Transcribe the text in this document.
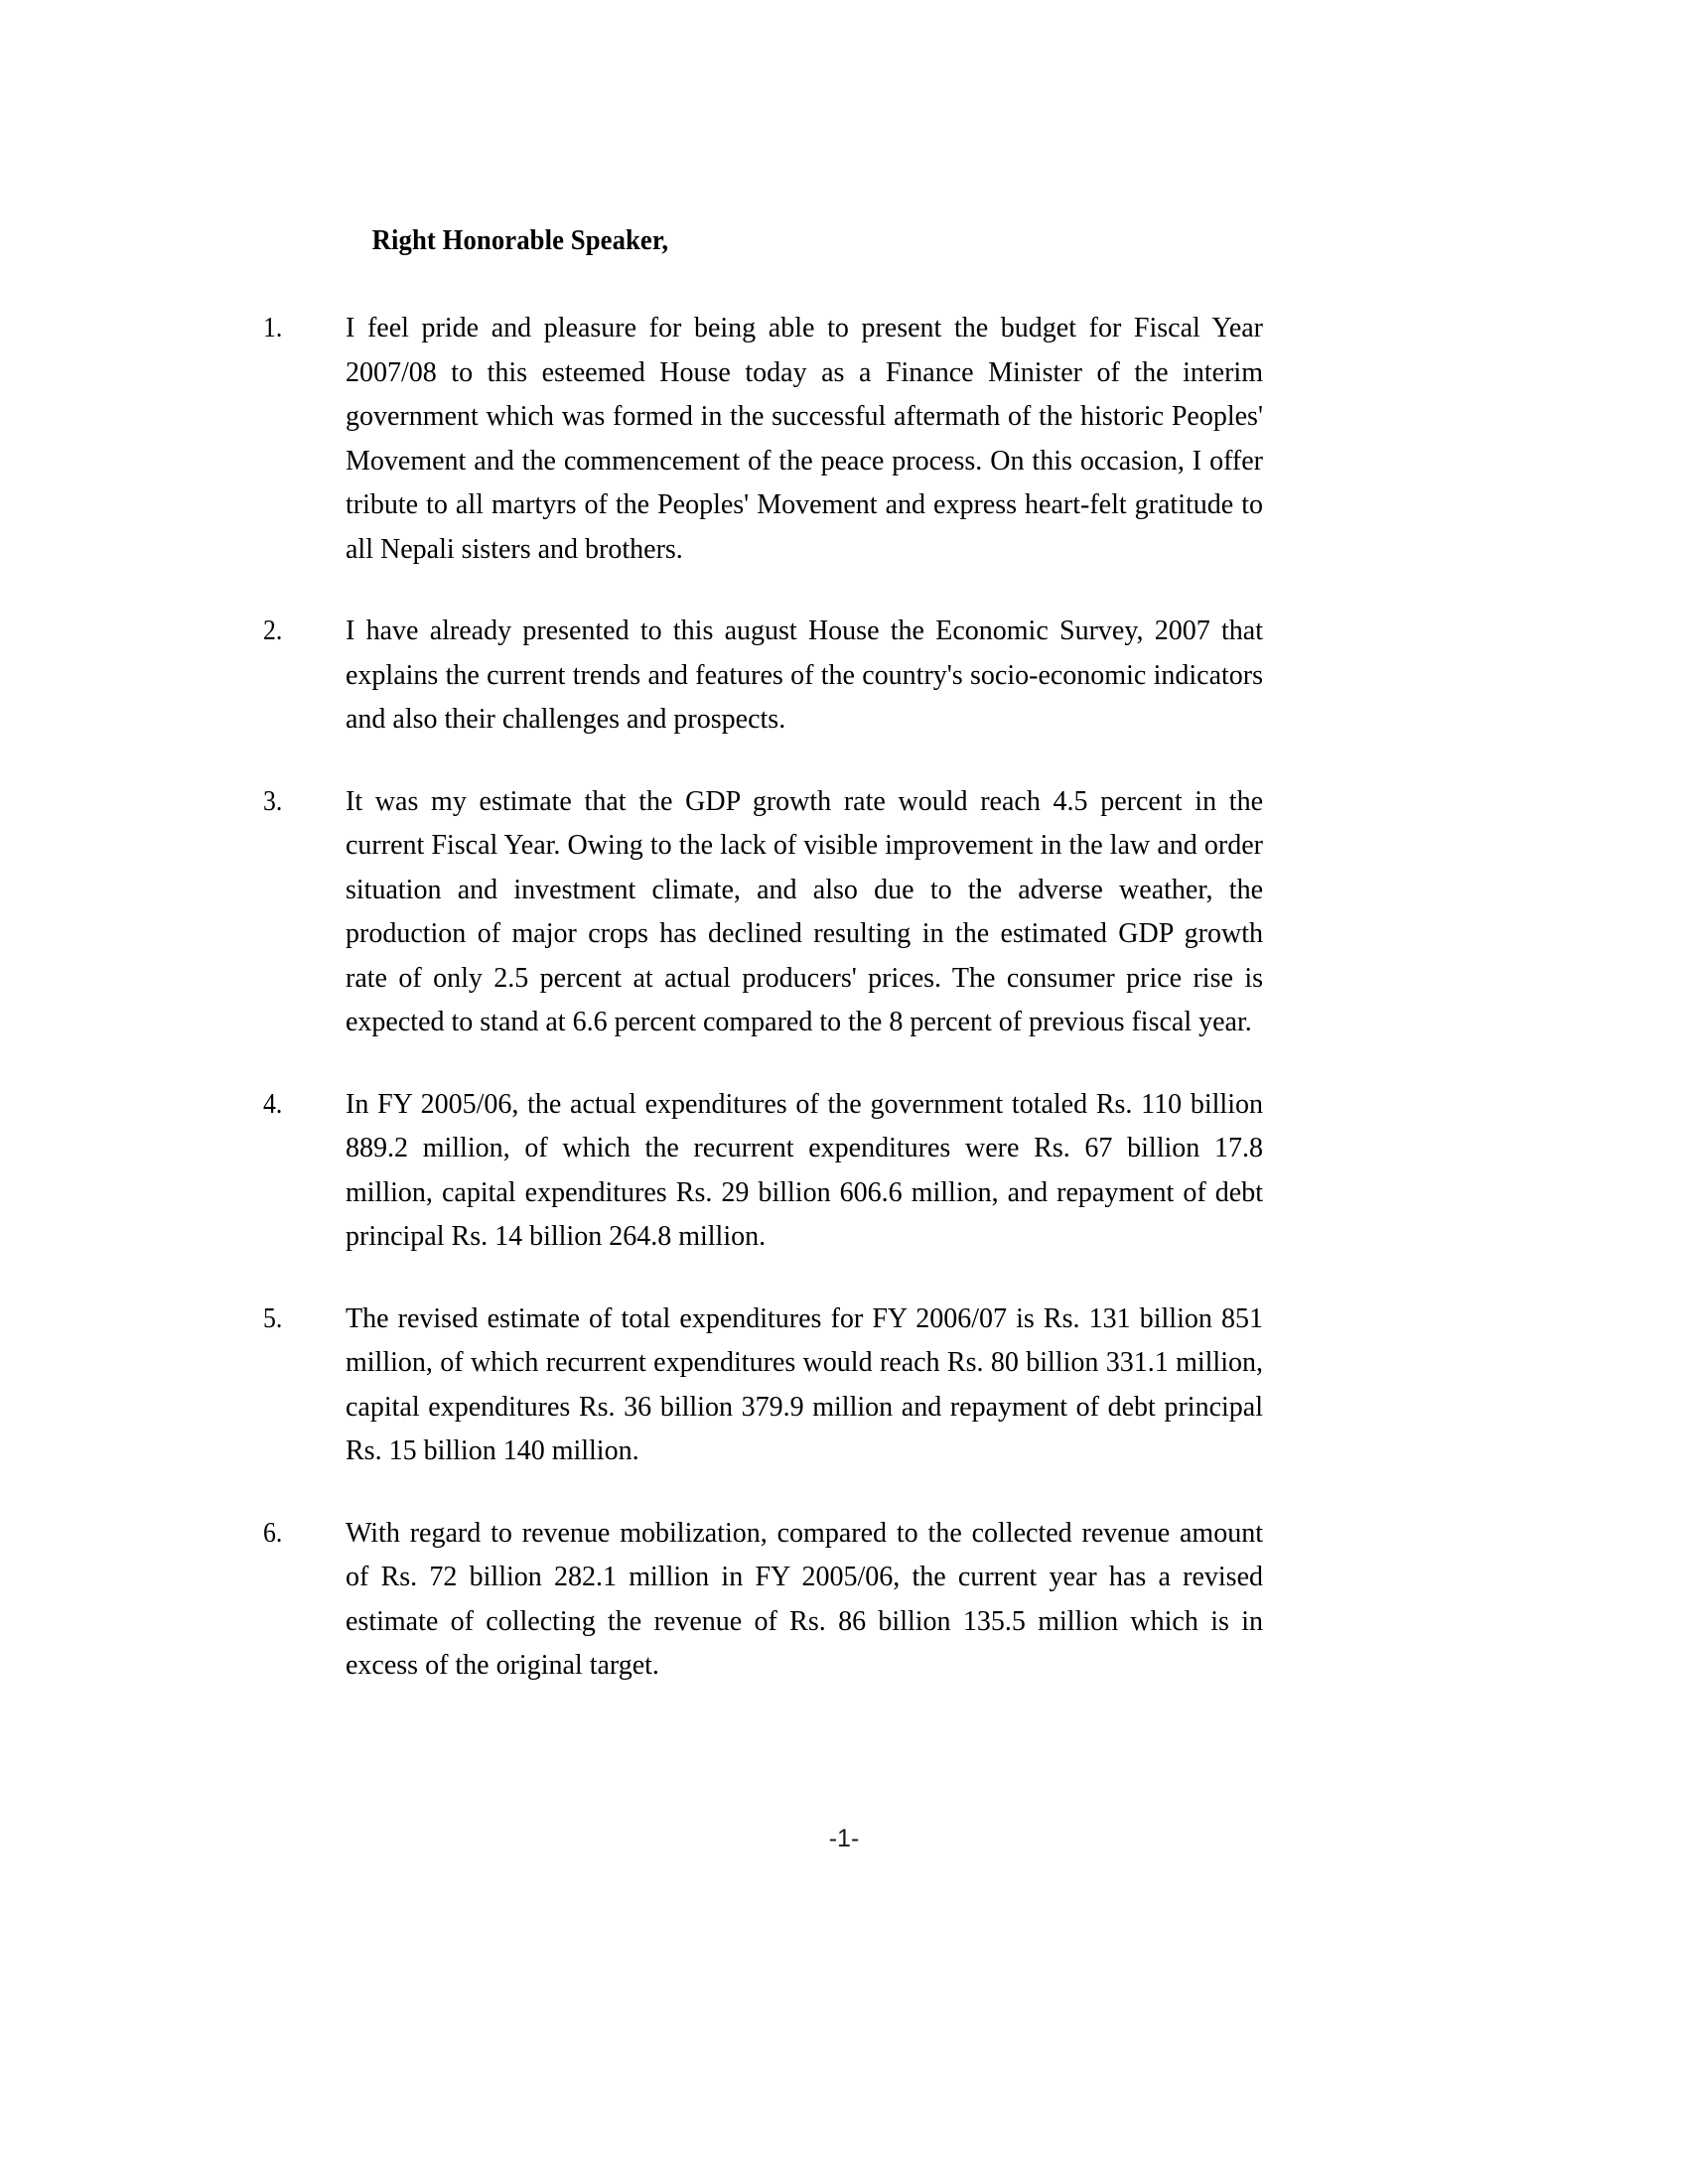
Right Honorable Speaker,
1.	I feel pride and pleasure for being able to present the budget for Fiscal Year 2007/08 to this esteemed House today as a Finance Minister of the interim government which was formed in the successful aftermath of the historic Peoples' Movement and the commencement of the peace process. On this occasion, I offer tribute to all martyrs of the Peoples' Movement and express heart-felt gratitude to all Nepali sisters and brothers.
2.	I have already presented to this august House the Economic Survey, 2007 that explains the current trends and features of the country's socio-economic indicators and also their challenges and prospects.
3.	It was my estimate that the GDP growth rate would reach 4.5 percent in the current Fiscal Year. Owing to the lack of visible improvement in the law and order situation and investment climate, and also due to the adverse weather, the production of major crops has declined resulting in the estimated GDP growth rate of only 2.5 percent at actual producers' prices. The consumer price rise is expected to stand at 6.6 percent compared to the 8 percent of previous fiscal year.
4.	In FY 2005/06, the actual expenditures of the government totaled Rs. 110 billion 889.2 million, of which the recurrent expenditures were Rs. 67 billion 17.8 million, capital expenditures Rs. 29 billion 606.6 million, and repayment of debt principal Rs. 14 billion 264.8 million.
5.	The revised estimate of total expenditures for FY 2006/07 is Rs. 131 billion 851 million, of which recurrent expenditures would reach Rs. 80 billion 331.1 million, capital expenditures Rs. 36 billion 379.9 million and repayment of debt principal Rs. 15 billion 140 million.
6.	With regard to revenue mobilization, compared to the collected revenue amount of Rs. 72 billion 282.1 million in FY 2005/06, the current year has a revised estimate of collecting the revenue of Rs. 86 billion 135.5 million which is in excess of the original target.
-1-
